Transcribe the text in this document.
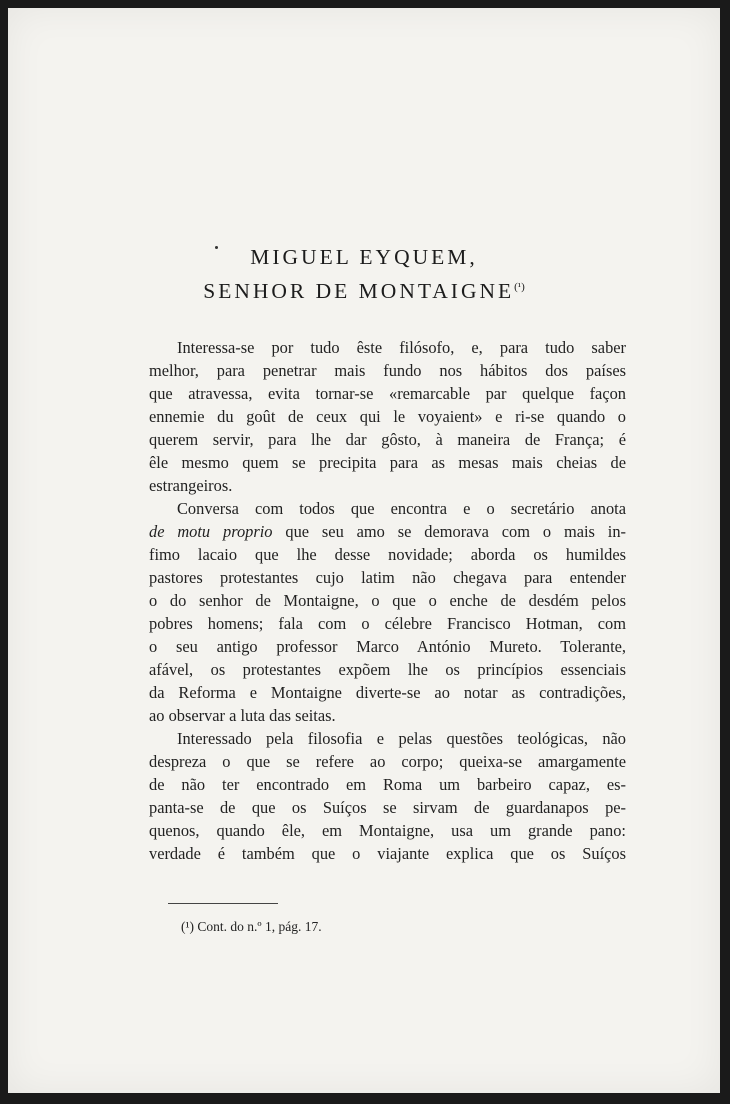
MIGUEL EYQUEM,
SENHOR DE $MONTAIGNE^{(^1)}$
Interessa-se por tudo êste filósofo, e, para tudo saber
melhor, para penetrar mais fundo nos hábitos dos países
que atravessa, evita tornar-se «remarcable par quelque façon
ennemie du goût de ceux qui le voyaient» e ri-se quando o
querem servir, para lhe dar gôsto, à maneira de França; é
êle mesmo quem se precipita para as mesas mais cheias de
estrangeiros.
Conversa com todos que encontra e o secretário anota
de motu proprio que seu amo se demorava com o mais in-
fimo lacaio que lhe desse novidade; aborda os humildes
pastores protestantes cujo latim não chegava para entender
o do senhor de Montaigne, o que o enche de desdém pelos
pobres homens; fala com o célebre Francisco Hotman, com
o seu antigo professor Marco António Mureto. Tolerante,
afável, os protestantes expõem lhe os princípios essenciais
da Reforma e Montaigne diverte-se ao notar as contradições,
ao observar a luta das seitas.
Interessado pela filosofia e pelas questões teológicas, não
despreza o que se refere ao corpo; queixa-se amargamente
de não ter encontrado em Roma um barbeiro capaz, es-
panta-se de que os Suíços se sirvam de guardanapos pe-
quenos, quando êle, em Montaigne, usa um grande pano:
verdade é também que o viajante explica que os Suíços
(¹) Cont. do n.º 1, pág. 17.
